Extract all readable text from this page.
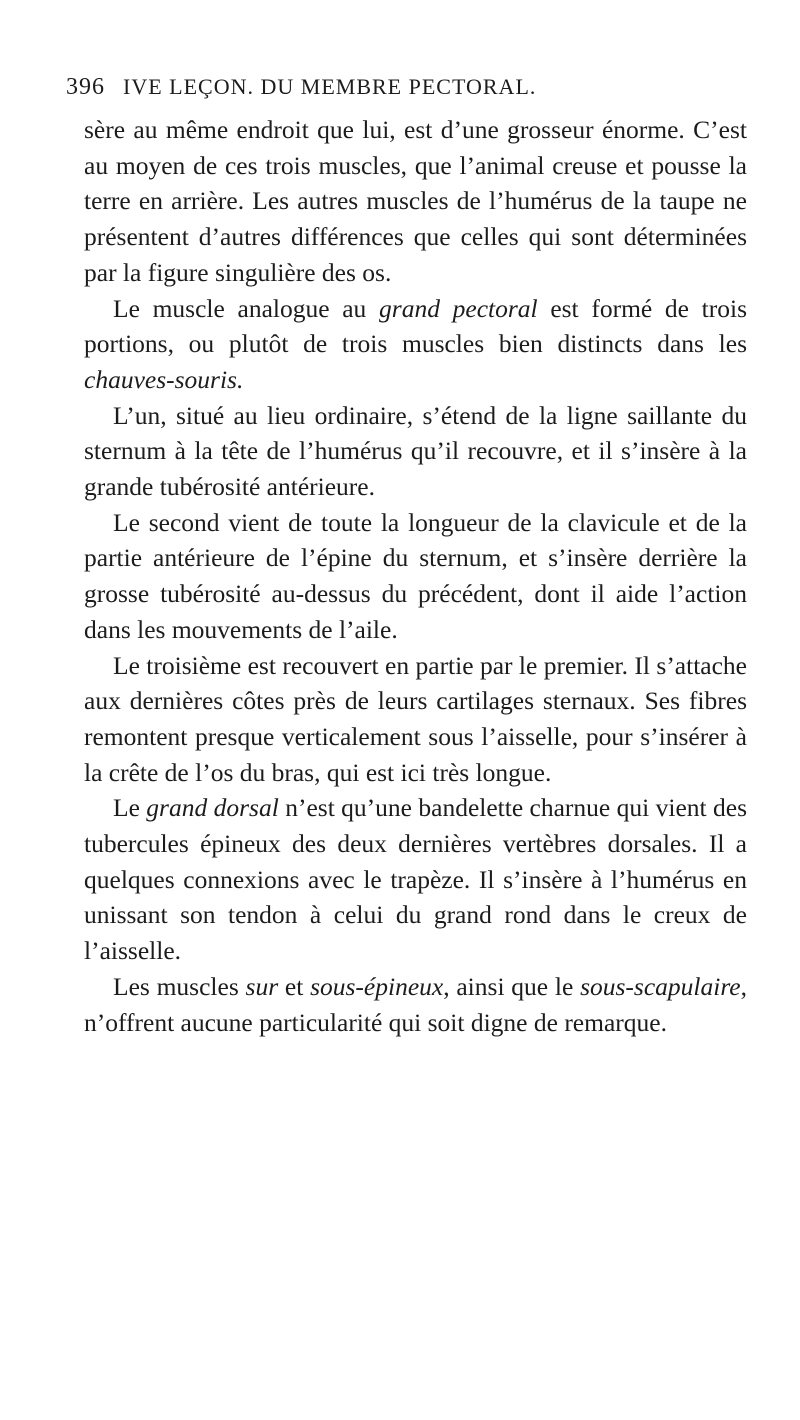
396 IVE LEÇON. DU MEMBRE PECTORAL.

sère au même endroit que lui, est d’une grosseur énorme. C’est au moyen de ces trois muscles, que l’animal creuse et pousse la terre en arrière. Les autres muscles de l’humérus de la taupe ne présentent d’autres différences que celles qui sont déterminées par la figure singulière des os.

Le muscle analogue au grand pectoral est formé de trois portions, ou plutôt de trois muscles bien distincts dans les chauves-souris.

L’un, situé au lieu ordinaire, s’étend de la ligne saillante du sternum à la tête de l’humérus qu’il recouvre, et il s’insère à la grande tubérosité antérieure.

Le second vient de toute la longueur de la clavicule et de la partie antérieure de l’épine du sternum, et s’insère derrière la grosse tubérosité au-dessus du précédent, dont il aide l’action dans les mouvements de l’aile.

Le troisième est recouvert en partie par le premier. Il s’attache aux dernières côtes près de leurs cartilages sternaux. Ses fibres remontent presque verticalement sous l’aisselle, pour s’insérer à la crête de l’os du bras, qui est ici très longue.

Le grand dorsal n’est qu’une bandelette charnue qui vient des tubercules épineux des deux dernières vertèbres dorsales. Il a quelques connexions avec le trapèze. Il s’insère à l’humérus en unissant son tendon à celui du grand rond dans le creux de l’aisselle.

Les muscles sur et sous-épineux, ainsi que le sous-scapulaire, n’offrent aucune particularité qui soit digne de remarque.
